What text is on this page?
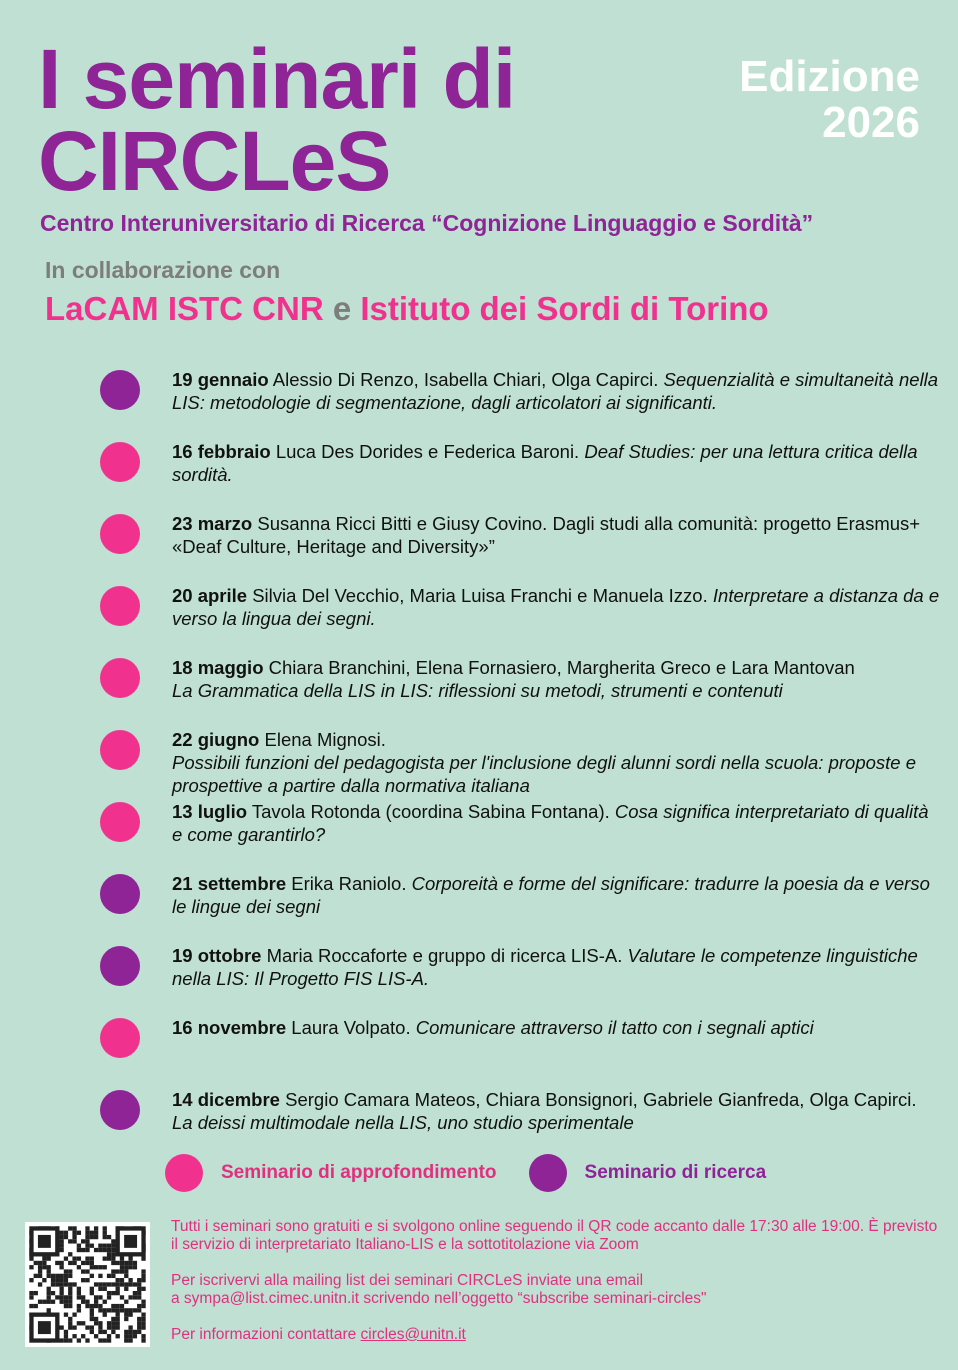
I seminari di
CIRCLeS
Edizione
2026
Centro Interuniversitario di Ricerca “Cognizione Linguaggio e Sordità”
In collaborazione con
LaCAM ISTC CNR e Istituto dei Sordi di Torino
19 gennaio Alessio Di Renzo, Isabella Chiari, Olga Capirci. Sequenzialità e simultaneità nella LIS: metodologie di segmentazione, dagli articolatori ai significanti.
16 febbraio Luca Des Dorides e Federica Baroni. Deaf Studies: per una lettura critica della sordità.
23 marzo Susanna Ricci Bitti e Giusy Covino. Dagli studi alla comunità: progetto Erasmus+ «Deaf Culture, Heritage and Diversity»”
20 aprile Silvia Del Vecchio, Maria Luisa Franchi e Manuela Izzo. Interpretare a distanza da e verso la lingua dei segni.
18 maggio Chiara Branchini, Elena Fornasiero, Margherita Greco e Lara Mantovan
La Grammatica della LIS in LIS: riflessioni su metodi, strumenti e contenuti
22 giugno Elena Mignosi.
Possibili funzioni del pedagogista per l'inclusione degli alunni sordi nella scuola: proposte e prospettive a partire dalla normativa italiana
13 luglio Tavola Rotonda (coordina Sabina Fontana). Cosa significa interpretariato di qualità e come garantirlo?
21 settembre Erika Raniolo. Corporeità e forme del significare: tradurre la poesia da e verso le lingue dei segni
19 ottobre Maria Roccaforte e gruppo di ricerca LIS-A. Valutare le competenze linguistiche nella LIS: Il Progetto FIS LIS-A.
16 novembre Laura Volpato. Comunicare attraverso il tatto con i segnali aptici
14 dicembre Sergio Camara Mateos, Chiara Bonsignori, Gabriele Gianfreda, Olga Capirci. La deissi multimodale nella LIS, uno studio sperimentale
Seminario di approfondimento	Seminario di ricerca

Tutti i seminari sono gratuiti e si svolgono online seguendo il QR code accanto dalle 17:30 alle 19:00. È previsto il servizio di interpretariato Italiano-LIS e la sottotitolazione via Zoom

Per iscrivervi alla mailing list dei seminari CIRCLeS inviate una email
a sympa@list.cimec.unitn.it scrivendo nell’oggetto “subscribe seminari-circles"

Per informazioni contattare circles@unitn.it
